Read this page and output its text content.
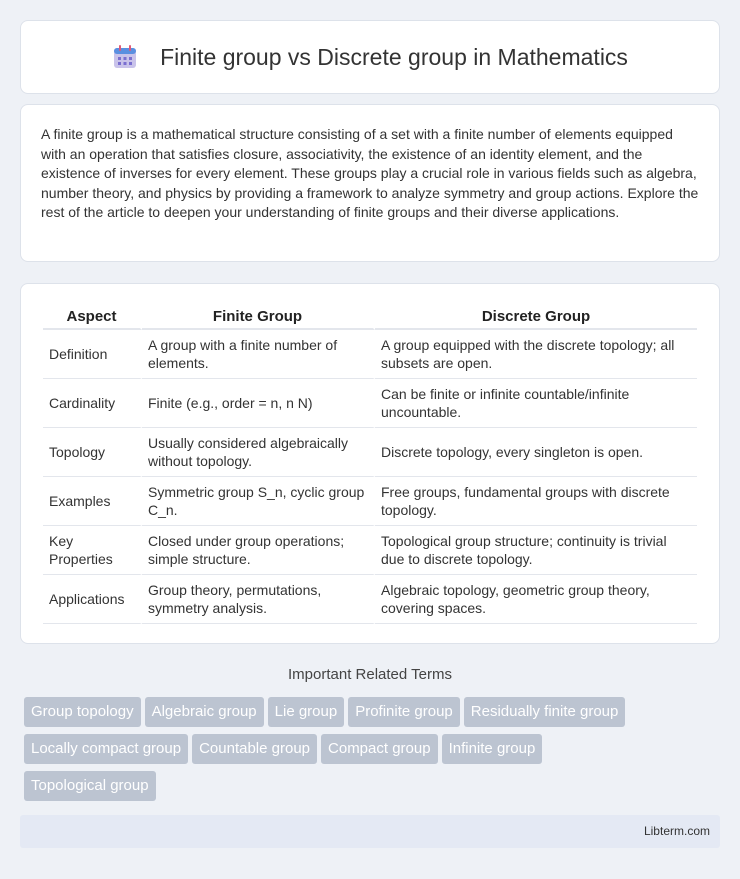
Finite group vs Discrete group in Mathematics

A finite group is a mathematical structure consisting of a set with a finite number of elements equipped with an operation that satisfies closure, associativity, the existence of an identity element, and the existence of inverses for every element. These groups play a crucial role in various fields such as algebra, number theory, and physics by providing a framework to analyze symmetry and group actions. Explore the rest of the article to deepen your understanding of finite groups and their diverse applications.

Aspect	Finite Group	Discrete Group
Definition	A group with a finite number of elements.	A group equipped with the discrete topology; all subsets are open.
Cardinality	Finite (e.g., order = n, n N)	Can be finite or infinite countable/infinite uncountable.
Topology	Usually considered algebraically without topology.	Discrete topology, every singleton is open.
Examples	Symmetric group S_n, cyclic group C_n.	Free groups, fundamental groups with discrete topology.
Key Properties	Closed under group operations; simple structure.	Topological group structure; continuity is trivial due to discrete topology.
Applications	Group theory, permutations, symmetry analysis.	Algebraic topology, geometric group theory, covering spaces.
Important Related Terms
Group topology Algebraic group Lie group Profinite group Residually finite group
Locally compact group Countable group Compact group Infinite group
Topological group
Libterm.com
